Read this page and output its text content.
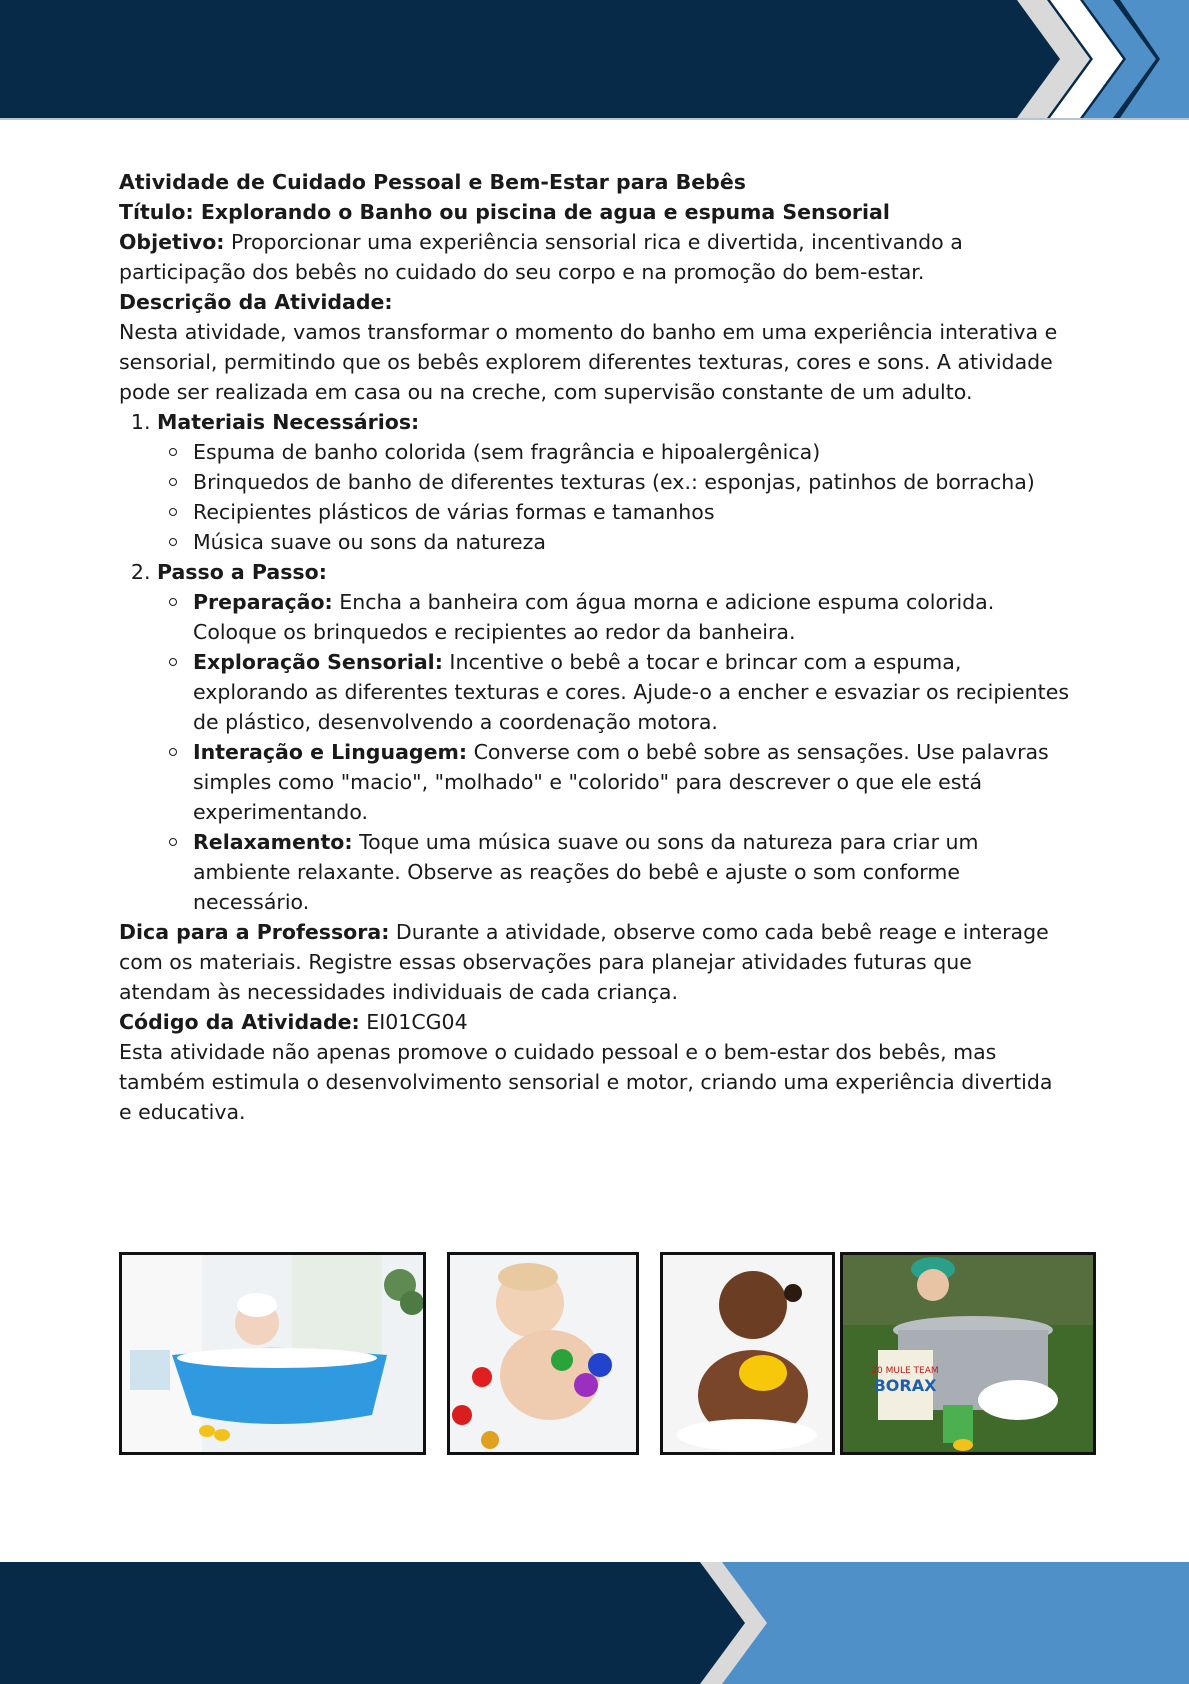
Atividade de Cuidado Pessoal e Bem-Estar para Bebês

Título: Explorando o Banho ou piscina de agua e espuma Sensorial

Objetivo: Proporcionar uma experiência sensorial rica e divertida, incentivando a participação dos bebês no cuidado do seu corpo e na promoção do bem-estar.

Descrição da Atividade:

Nesta atividade, vamos transformar o momento do banho em uma experiência interativa e sensorial, permitindo que os bebês explorem diferentes texturas, cores e sons. A atividade pode ser realizada em casa ou na creche, com supervisão constante de um adulto.

1. Materiais Necessários:
Espuma de banho colorida (sem fragrância e hipoalergênica)
Brinquedos de banho de diferentes texturas (ex.: esponjas, patinhos de borracha)
Recipientes plásticos de várias formas e tamanhos
Música suave ou sons da natureza
2. Passo a Passo:
Preparação: Encha a banheira com água morna e adicione espuma colorida. Coloque os brinquedos e recipientes ao redor da banheira.
Exploração Sensorial: Incentive o bebê a tocar e brincar com a espuma, explorando as diferentes texturas e cores. Ajude-o a encher e esvaziar os recipientes de plástico, desenvolvendo a coordenação motora.
Interação e Linguagem: Converse com o bebê sobre as sensações. Use palavras simples como "macio", "molhado" e "colorido" para descrever o que ele está experimentando.
Relaxamento: Toque uma música suave ou sons da natureza para criar um ambiente relaxante. Observe as reações do bebê e ajuste o som conforme necessário.

Dica para a Professora: Durante a atividade, observe como cada bebê reage e interage com os materiais. Registre essas observações para planejar atividades futuras que atendam às necessidades individuais de cada criança.

Código da Atividade: EI01CG04

Esta atividade não apenas promove o cuidado pessoal e o bem-estar dos bebês, mas também estimula o desenvolvimento sensorial e motor, criando uma experiência divertida e educativa.

20 MULE TEAM
BORAX
